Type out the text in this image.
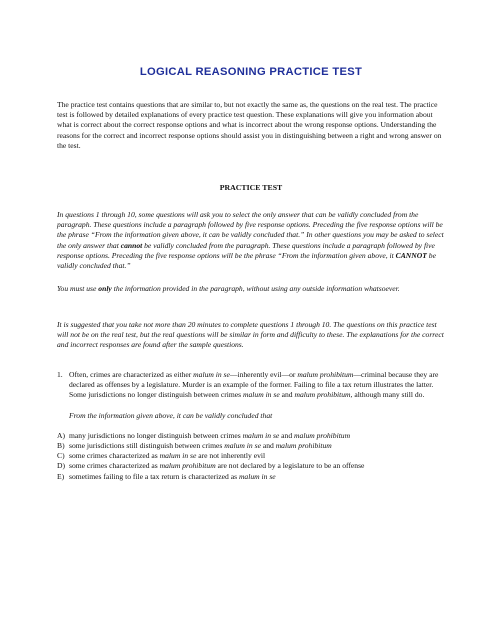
LOGICAL REASONING PRACTICE TEST
The practice test contains questions that are similar to, but not exactly the same as, the questions on the real test. The practice test is followed by detailed explanations of every practice test question. These explanations will give you information about what is correct about the correct response options and what is incorrect about the wrong response options. Understanding the reasons for the correct and incorrect response options should assist you in distinguishing between a right and wrong answer on the test.
PRACTICE TEST
In questions 1 through 10, some questions will ask you to select the only answer that can be validly concluded from the paragraph. These questions include a paragraph followed by five response options. Preceding the five response options will be the phrase “From the information given above, it can be validly concluded that.” In other questions you may be asked to select the only answer that cannot be validly concluded from the paragraph. These questions include a paragraph followed by five response options. Preceding the five response options will be the phrase “From the information given above, it CANNOT be validly concluded that.”
You must use only the information provided in the paragraph, without using any outside information whatsoever.
It is suggested that you take not more than 20 minutes to complete questions 1 through 10. The questions on this practice test will not be on the real test, but the real questions will be similar in form and difficulty to these. The explanations for the correct and incorrect responses are found after the sample questions.
1. Often, crimes are characterized as either malum in se—inherently evil—or malum prohibitum—criminal because they are declared as offenses by a legislature. Murder is an example of the former. Failing to file a tax return illustrates the latter. Some jurisdictions no longer distinguish between crimes malum in se and malum prohibitum, although many still do.
From the information given above, it can be validly concluded that
A) many jurisdictions no longer distinguish between crimes malum in se and malum prohibitum
B) some jurisdictions still distinguish between crimes malum in se and malum prohibitum
C) some crimes characterized as malum in se are not inherently evil
D) some crimes characterized as malum prohibitum are not declared by a legislature to be an offense
E) sometimes failing to file a tax return is characterized as malum in se
